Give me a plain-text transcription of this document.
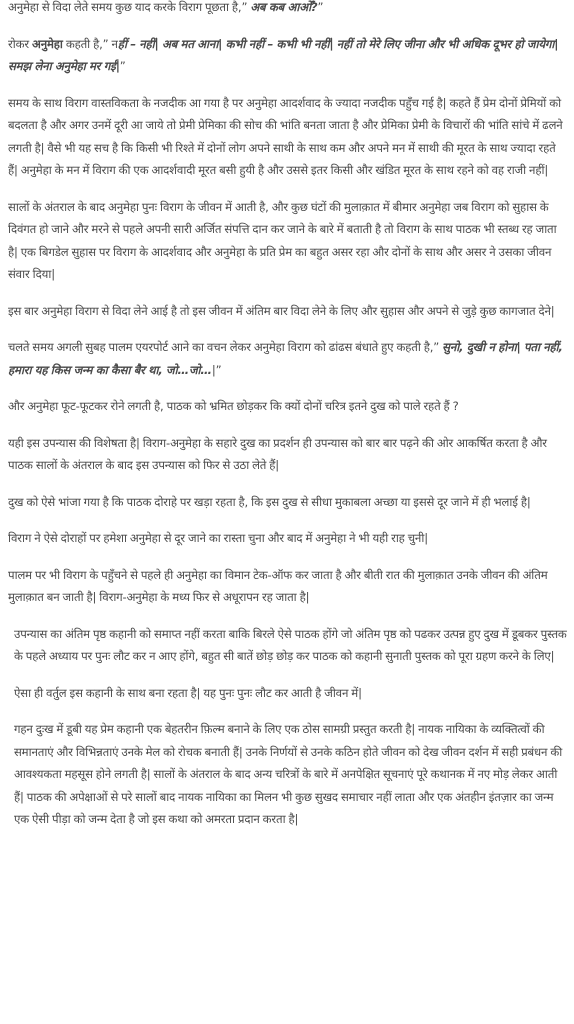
अनुमेहा से विदा लेते समय कुछ याद करके विराग पूछता है,” अब कब आओँ?”

रोकर अनुमेहा कहती है,” नहीं – नहीं| अब मत आना| कभी नहीं – कभी भी नहीं| नहीं तो मेरे लिए जीना और भी अधिक दूभर हो जायेगा| समझ लेना अनुमेहा मर गई|”

समय के साथ विराग वास्तविकता के नजदीक आ गया है पर अनुमेहा आदर्शवाद के ज्यादा नजदीक पहुँच गई है| कहते हैं प्रेम दोनों प्रेमियों को बदलता है और अगर उनमें दूरी आ जाये तो प्रेमी प्रेमिका की सोच की भांति बनता जाता है और प्रेमिका प्रेमी के विचारों की भांति सांचे में ढलने लगती है| वैसे भी यह सच है कि किसी भी रिश्ते में दोनों लोग अपने साथी के साथ कम और अपने मन में साथी की मूरत के साथ ज्यादा रहते हैं| अनुमेहा के मन में विराग की एक आदर्शवादी मूरत बसी हुयी है और उससे इतर किसी और खंडित मूरत के साथ रहने को वह राजी नहीं|

सालों के अंतराल के बाद अनुमेहा पुनः विराग के जीवन में आती है, और कुछ घंटों की मुलाक़ात में बीमार अनुमेहा जब विराग को सुहास के दिवंगत हो जाने और मरने से पहले अपनी सारी अर्जित संपत्ति दान कर जाने के बारे में बताती है तो विराग के साथ पाठक भी स्तब्ध रह जाता है| एक बिगडेल सुहास पर विराग के आदर्शवाद और अनुमेहा के प्रति प्रेम का बहुत असर रहा और दोनों के साथ और असर ने उसका जीवन संवार दिया|

इस बार अनुमेहा विराग से विदा लेने आई है तो इस जीवन में अंतिम बार विदा लेने के लिए और सुहास और अपने से जुड़े कुछ कागजात देने|

चलते समय अगली सुबह पालम एयरपोर्ट आने का वचन लेकर अनुमेहा विराग को ढांढस बंधाते हुए कहती है,” सुनो, दुखी न होना| पता नहीं, हमारा यह किस जन्म का कैसा बैर था, जो…जो…|”

और अनुमेहा फूट-फूटकर रोने लगती है, पाठक को भ्रमित छोड़कर कि क्यों दोनों चरित्र इतने दुख को पाले रहते हैं ?

यही इस उपन्यास की विशेषता है| विराग-अनुमेहा के सहारे दुख का प्रदर्शन ही उपन्यास को बार बार पढ़ने की ओर आकर्षित करता है और पाठक सालों के अंतराल के बाद इस उपन्यास को फिर से उठा लेते हैं|

दुख को ऐसे भांजा गया है कि पाठक दोराहे पर खड़ा रहता है, कि इस दुख से सीधा मुकाबला अच्छा या इससे दूर जाने में ही भलाई है|

विराग ने ऐसे दोराहों पर हमेशा अनुमेहा से दूर जाने का रास्ता चुना और बाद में अनुमेहा ने भी यही राह चुनी|

पालम पर भी विराग के पहुँचने से पहले ही अनुमेहा का विमान टेक-ऑफ कर जाता है और बीती रात की मुलाक़ात उनके जीवन की अंतिम मुलाक़ात बन जाती है| विराग-अनुमेहा के मध्य फिर से अधूरापन रह जाता है|

उपन्यास का अंतिम पृष्ठ कहानी को समाप्त नहीं करता बाकि बिरले ऐसे पाठक होंगे जो अंतिम पृष्ठ को पढकर उत्पन्न हुए दुख में डूबकर पुस्तक के पहले अध्याय पर पुनः लौट कर न आए होंगे, बहुत सी बातें छोड़ छोड़ कर पाठक को कहानी सुनाती पुस्तक को पूरा ग्रहण करने के लिए|

ऐसा ही वर्तुल इस कहानी के साथ बना रहता है| यह पुनः पुनः लौट कर आती है जीवन में|

गहन दुःख में डूबी यह प्रेम कहानी एक बेहतरीन फ़िल्म बनाने के लिए एक ठोस सामग्री प्रस्तुत करती है| नायक नायिका के व्यक्तित्वों की समानताएं और विभिन्नताएं उनके मेल को रोचक बनाती हैं| उनके निर्णयों से उनके कठिन होते जीवन को देख जीवन दर्शन में सही प्रबंधन की आवश्यकता महसूस होने लगती है| सालों के अंतराल के बाद अन्य चरित्रों के बारे में अनपेक्षित सूचनाएं पूरे कथानक में नए मोड़ लेकर आती हैं| पाठक की अपेक्षाओं से परे सालों बाद नायक नायिका का मिलन भी कुछ सुखद समाचार नहीं लाता और एक अंतहीन इंतज़ार का जन्म एक ऐसी पीड़ा को जन्म देता है जो इस कथा को अमरता प्रदान करता है|
